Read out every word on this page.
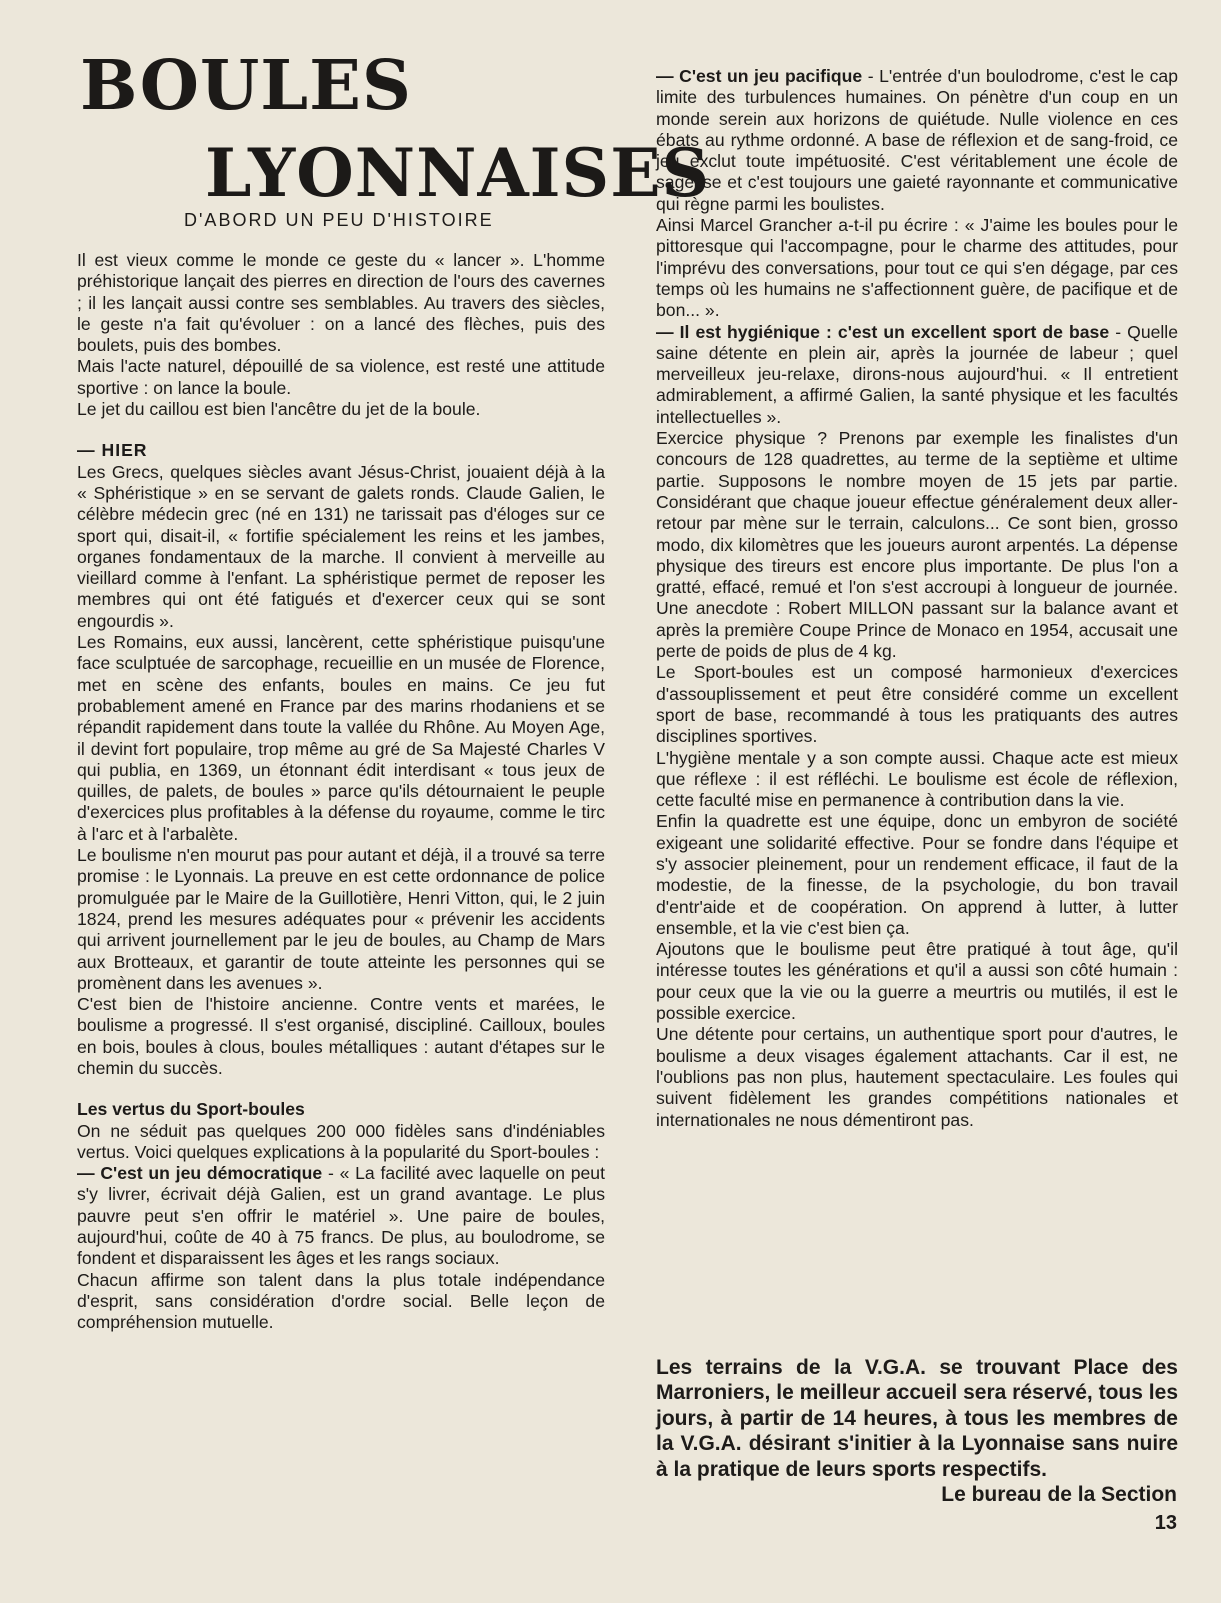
BOULES
LYONNAISES
D'ABORD UN PEU D'HISTOIRE

Il est vieux comme le monde ce geste du « lancer ». L'homme préhistorique lançait des pierres en direction de l'ours des cavernes ; il les lançait aussi contre ses semblables. Au travers des siècles, le geste n'a fait qu'évoluer : on a lancé des flèches, puis des boulets, puis des bombes.

Mais l'acte naturel, dépouillé de sa violence, est resté une attitude sportive : on lance la boule.

Le jet du caillou est bien l'ancêtre du jet de la boule.

— HIER

Les Grecs, quelques siècles avant Jésus-Christ, jouaient déjà à la « Sphéristique » en se servant de galets ronds. Claude Galien, le célèbre médecin grec (né en 131) ne tarissait pas d'éloges sur ce sport qui, disait-il, « fortifie spécialement les reins et les jambes, organes fondamentaux de la marche. Il convient à merveille au vieillard comme à l'enfant. La sphéristique permet de reposer les membres qui ont été fatigués et d'exercer ceux qui se sont engourdis ».

Les Romains, eux aussi, lancèrent, cette sphéristique puisqu'une face sculptuée de sarcophage, recueillie en un musée de Florence, met en scène des enfants, boules en mains. Ce jeu fut probablement amené en France par des marins rhodaniens et se répandit rapidement dans toute la vallée du Rhône. Au Moyen Age, il devint fort populaire, trop même au gré de Sa Majesté Charles V qui publia, en 1369, un étonnant édit interdisant « tous jeux de quilles, de palets, de boules » parce qu'ils détournaient le peuple d'exercices plus profitables à la défense du royaume, comme le tirc à l'arc et à l'arbalète.

Le boulisme n'en mourut pas pour autant et déjà, il a trouvé sa terre promise : le Lyonnais. La preuve en est cette ordonnance de police promulguée par le Maire de la Guillotière, Henri Vitton, qui, le 2 juin 1824, prend les mesures adéquates pour « prévenir les accidents qui arrivent journellement par le jeu de boules, au Champ de Mars aux Brotteaux, et garantir de toute atteinte les personnes qui se promènent dans les avenues ».

C'est bien de l'histoire ancienne. Contre vents et marées, le boulisme a progressé. Il s'est organisé, discipliné. Cailloux, boules en bois, boules à clous, boules métalliques : autant d'étapes sur le chemin du succès.

Les vertus du Sport-boules

On ne séduit pas quelques 200 000 fidèles sans d'indéniables vertus. Voici quelques explications à la popularité du Sport-boules :

— C'est un jeu démocratique - « La facilité avec laquelle on peut s'y livrer, écrivait déjà Galien, est un grand avantage. Le plus pauvre peut s'en offrir le matériel ». Une paire de boules, aujourd'hui, coûte de 40 à 75 francs. De plus, au boulodrome, se fondent et disparaissent les âges et les rangs sociaux.

Chacun affirme son talent dans la plus totale indépendance d'esprit, sans considération d'ordre social. Belle leçon de compréhension mutuelle.

— C'est un jeu pacifique - L'entrée d'un boulodrome, c'est le cap limite des turbulences humaines. On pénètre d'un coup en un monde serein aux horizons de quiétude. Nulle violence en ces ébats au rythme ordonné. A base de réflexion et de sang-froid, ce jeu exclut toute impétuosité. C'est véritablement une école de sagesse et c'est toujours une gaieté rayonnante et communicative qui règne parmi les boulistes.

Ainsi Marcel Grancher a-t-il pu écrire : « J'aime les boules pour le pittoresque qui l'accompagne, pour le charme des attitudes, pour l'imprévu des conversations, pour tout ce qui s'en dégage, par ces temps où les humains ne s'affectionnent guère, de pacifique et de bon... ».

— Il est hygiénique : c'est un excellent sport de base - Quelle saine détente en plein air, après la journée de labeur ; quel merveilleux jeu-relaxe, dirons-nous aujourd'hui. « Il entretient admirablement, a affirmé Galien, la santé physique et les facultés intellectuelles ».

Exercice physique ? Prenons par exemple les finalistes d'un concours de 128 quadrettes, au terme de la septième et ultime partie. Supposons le nombre moyen de 15 jets par partie. Considérant que chaque joueur effectue généralement deux aller-retour par mène sur le terrain, calculons... Ce sont bien, grosso modo, dix kilomètres que les joueurs auront arpentés. La dépense physique des tireurs est encore plus importante. De plus l'on a gratté, effacé, remué et l'on s'est accroupi à longueur de journée. Une anecdote : Robert MILLON passant sur la balance avant et après la première Coupe Prince de Monaco en 1954, accusait une perte de poids de plus de 4 kg.

Le Sport-boules est un composé harmonieux d'exercices d'assouplissement et peut être considéré comme un excellent sport de base, recommandé à tous les pratiquants des autres disciplines sportives.

L'hygiène mentale y a son compte aussi. Chaque acte est mieux que réflexe : il est réfléchi. Le boulisme est école de réflexion, cette faculté mise en permanence à contribution dans la vie.

Enfin la quadrette est une équipe, donc un embyron de société exigeant une solidarité effective. Pour se fondre dans l'équipe et s'y associer pleinement, pour un rendement efficace, il faut de la modestie, de la finesse, de la psychologie, du bon travail d'entr'aide et de coopération. On apprend à lutter, à lutter ensemble, et la vie c'est bien ça.

Ajoutons que le boulisme peut être pratiqué à tout âge, qu'il intéresse toutes les générations et qu'il a aussi son côté humain : pour ceux que la vie ou la guerre a meurtris ou mutilés, il est le possible exercice.

Une détente pour certains, un authentique sport pour d'autres, le boulisme a deux visages également attachants. Car il est, ne l'oublions pas non plus, hautement spectaculaire. Les foules qui suivent fidèlement les grandes compétitions nationales et internationales ne nous démentiront pas.

Les terrains de la V.G.A. se trouvant Place des Marroniers, le meilleur accueil sera réservé, tous les jours, à partir de 14 heures, à tous les membres de la V.G.A. désirant s'initier à la Lyonnaise sans nuire à la pratique de leurs sports respectifs.

Le bureau de la Section

13
